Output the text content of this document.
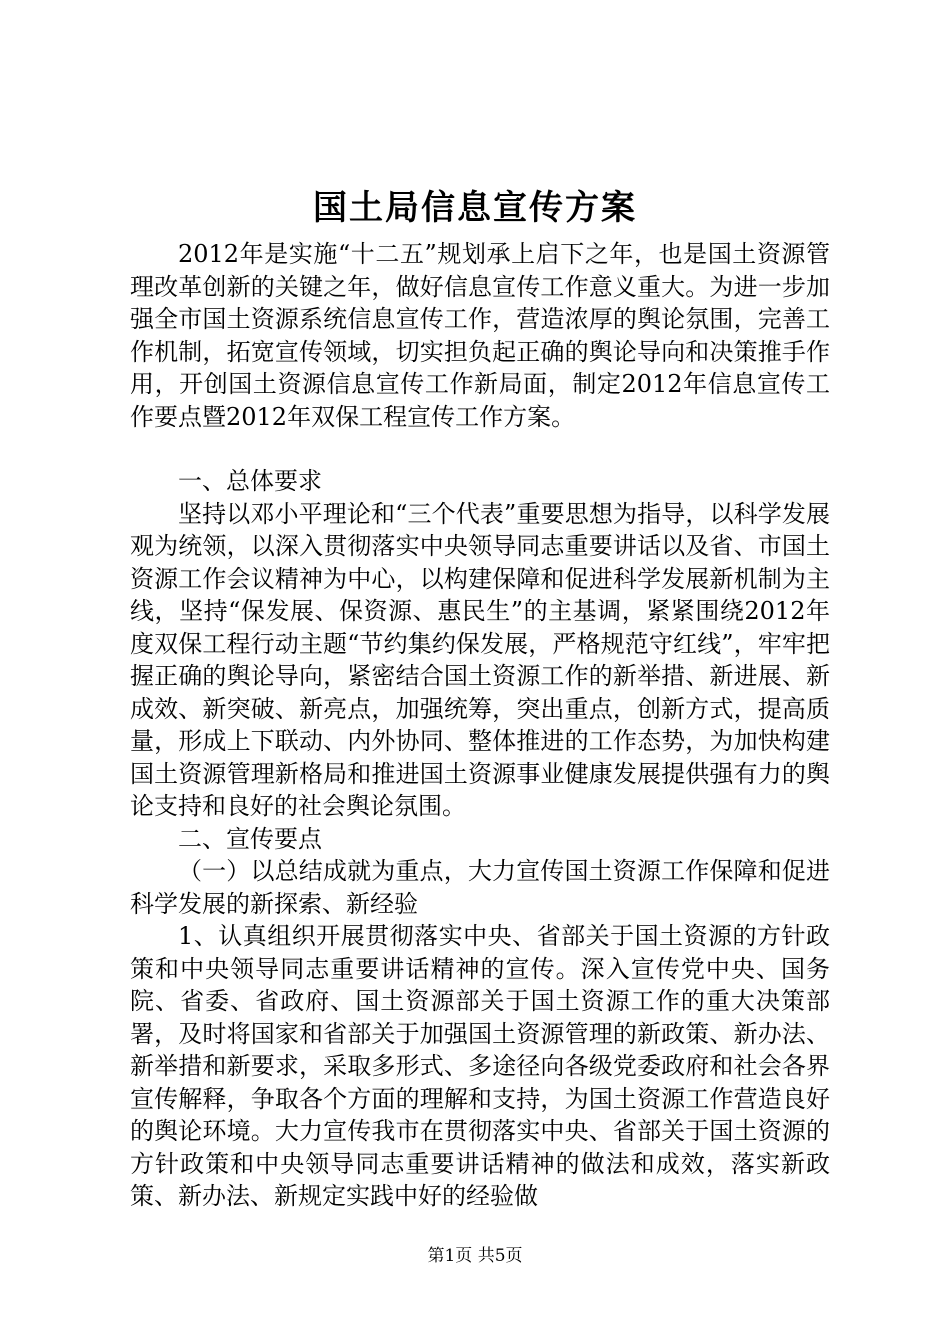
国土局信息宣传方案

2012年是实施“十二五”规划承上启下之年，也是国土资源管理改革创新的关键之年，做好信息宣传工作意义重大。为进一步加强全市国土资源系统信息宣传工作，营造浓厚的舆论氛围，完善工作机制，拓宽宣传领域，切实担负起正确的舆论导向和决策推手作用，开创国土资源信息宣传工作新局面，制定2012年信息宣传工作要点暨2012年双保工程宣传工作方案。

一、总体要求

坚持以邓小平理论和“三个代表”重要思想为指导，以科学发展观为统领，以深入贯彻落实中央领导同志重要讲话以及省、市国土资源工作会议精神为中心，以构建保障和促进科学发展新机制为主线，坚持“保发展、保资源、惠民生”的主基调，紧紧围绕2012年度双保工程行动主题“节约集约保发展，严格规范守红线”，牢牢把握正确的舆论导向，紧密结合国土资源工作的新举措、新进展、新成效、新突破、新亮点，加强统筹，突出重点，创新方式，提高质量，形成上下联动、内外协同、整体推进的工作态势，为加快构建国土资源管理新格局和推进国土资源事业健康发展提供强有力的舆论支持和良好的社会舆论氛围。

二、宣传要点

（一）以总结成就为重点，大力宣传国土资源工作保障和促进科学发展的新探索、新经验

1、认真组织开展贯彻落实中央、省部关于国土资源的方针政策和中央领导同志重要讲话精神的宣传。深入宣传党中央、国务院、省委、省政府、国土资源部关于国土资源工作的重大决策部署，及时将国家和省部关于加强国土资源管理的新政策、新办法、新举措和新要求，采取多形式、多途径向各级党委政府和社会各界宣传解释，争取各个方面的理解和支持，为国土资源工作营造良好的舆论环境。大力宣传我市在贯彻落实中央、省部关于国土资源的方针政策和中央领导同志重要讲话精神的做法和成效，落实新政策、新办法、新规定实践中好的经验做

第1页 共5页
